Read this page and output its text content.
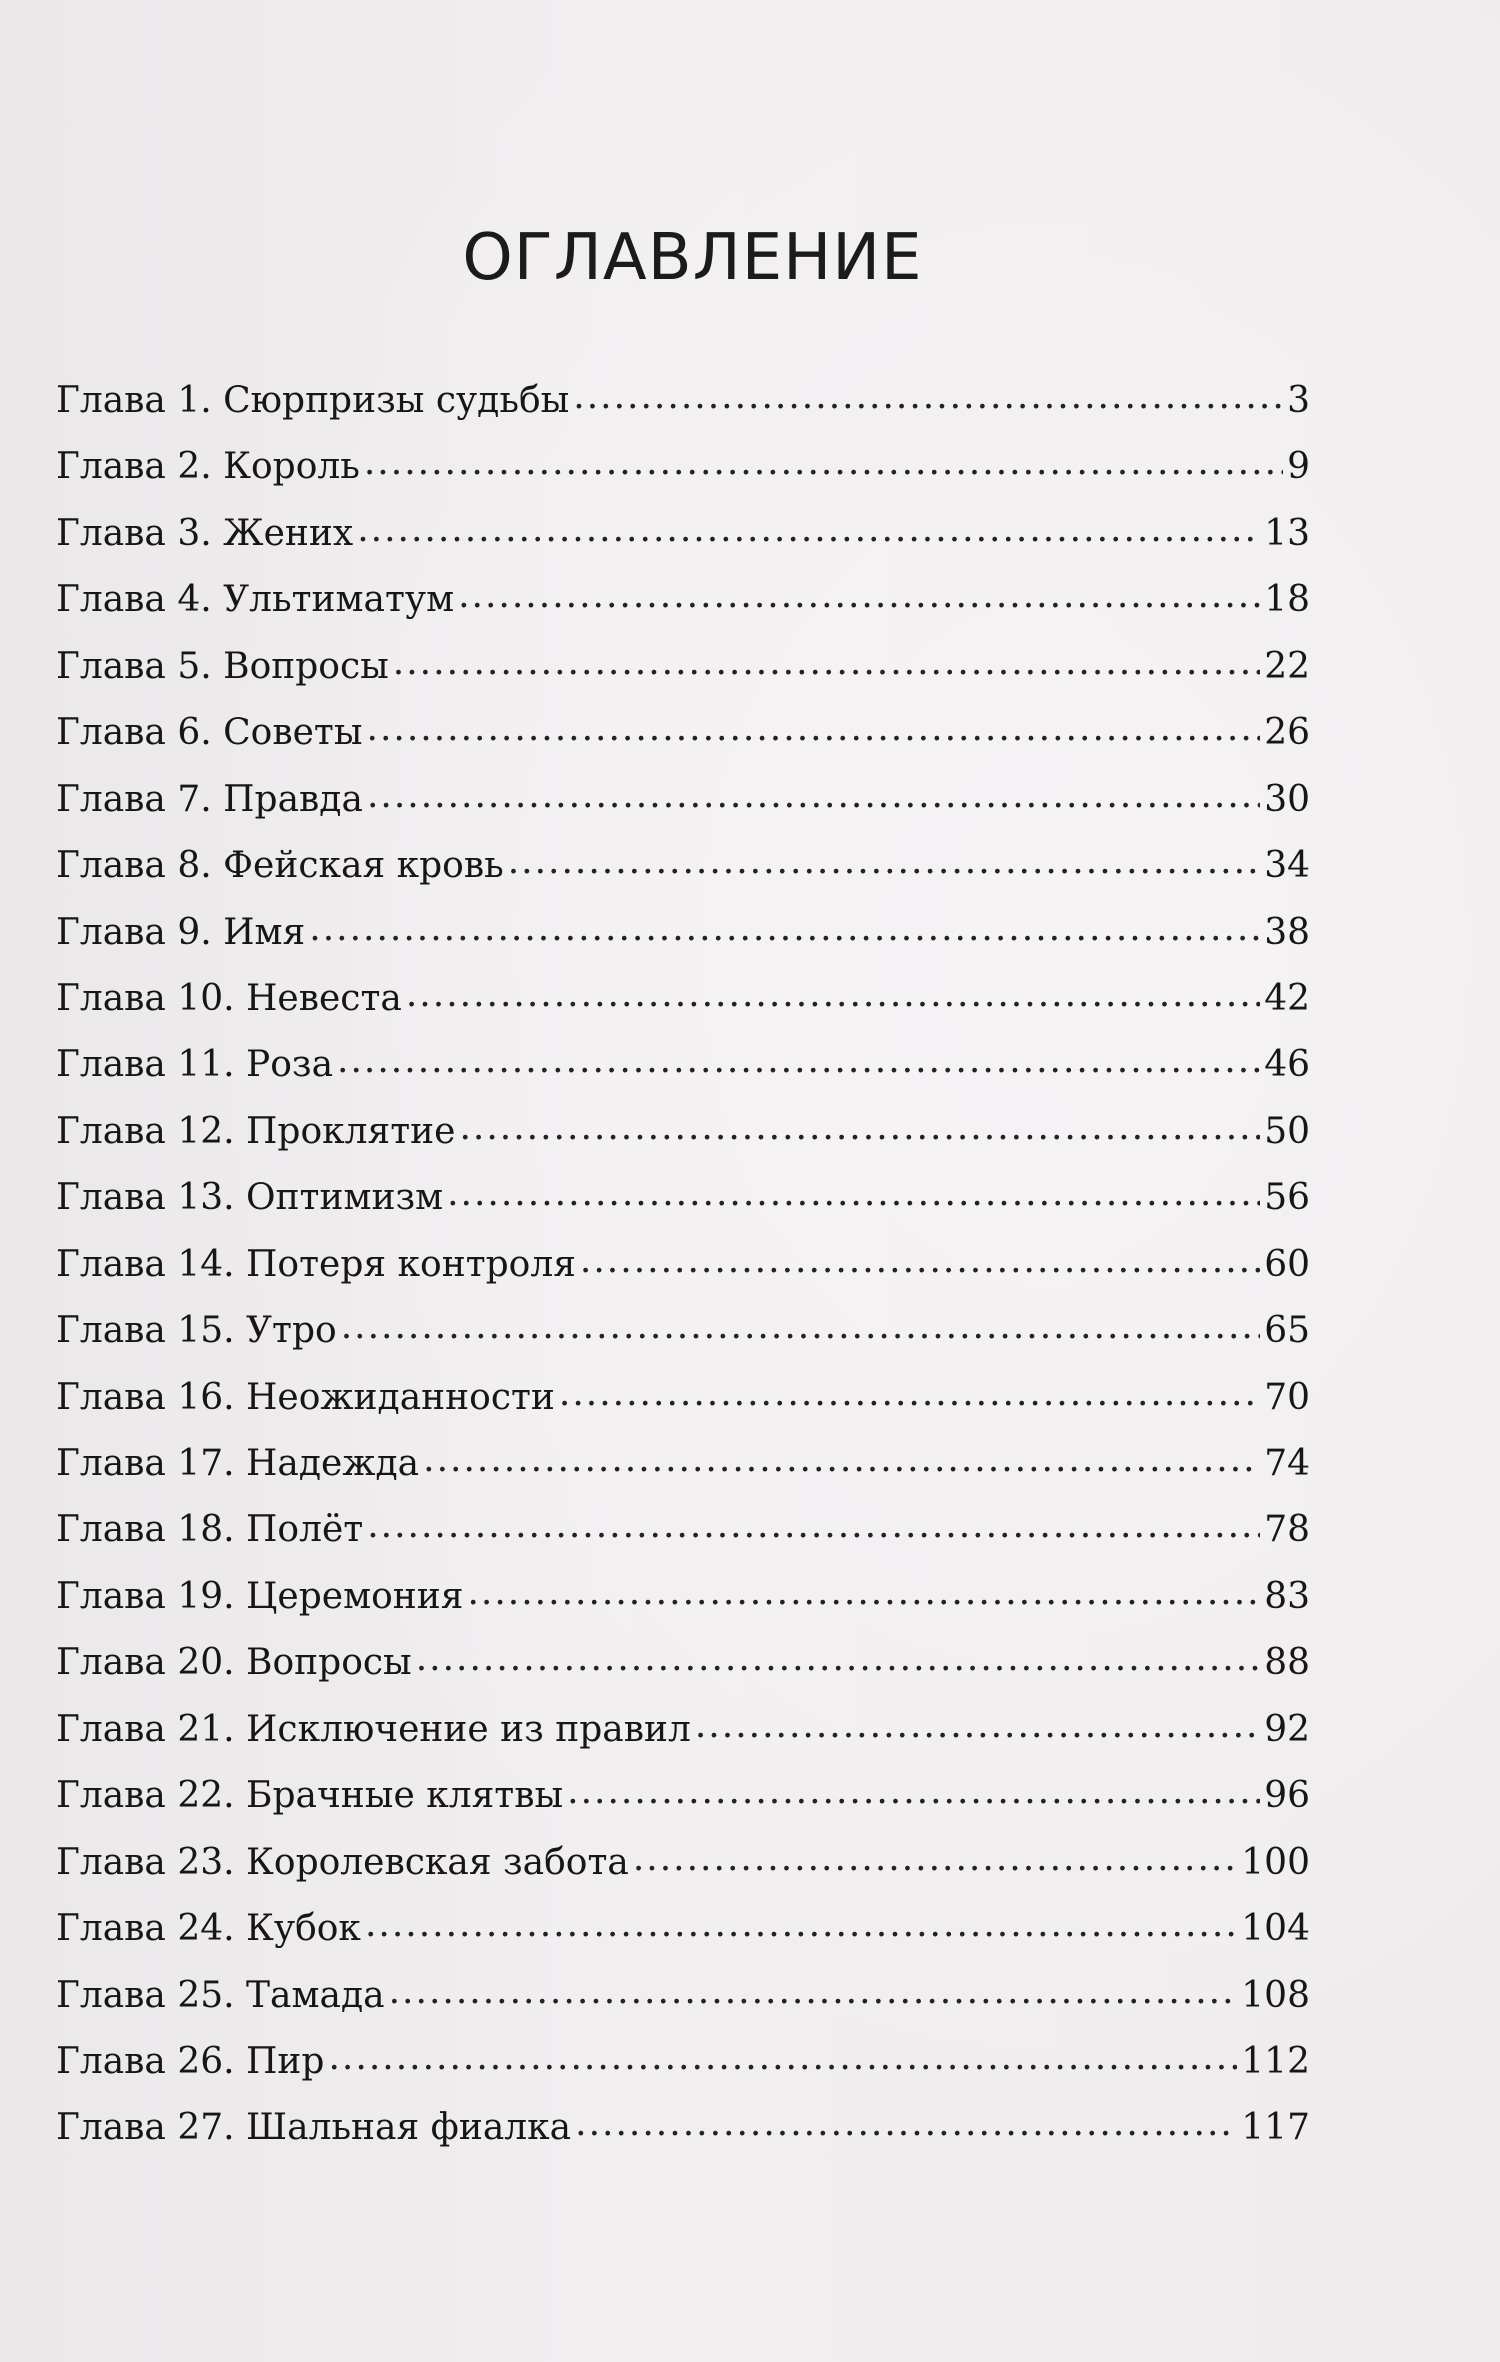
ОГЛАВЛЕНИЕ
Глава 1. Сюрпризы судьбы .....	3
Глава 2. Король .....	9
Глава 3. Жених .....	13
Глава 4. Ультиматум .....	18
Глава 5. Вопросы .....	22
Глава 6. Советы .....	26
Глава 7. Правда .....	30
Глава 8. Фейская кровь .....	34
Глава 9. Имя .....	38
Глава 10. Невеста .....	42
Глава 11. Роза .....	46
Глава 12. Проклятие .....	50
Глава 13. Оптимизм .....	56
Глава 14. Потеря контроля .....	60
Глава 15. Утро .....	65
Глава 16. Неожиданности .....	70
Глава 17. Надежда .....	74
Глава 18. Полёт .....	78
Глава 19. Церемония .....	83
Глава 20. Вопросы .....	88
Глава 21. Исключение из правил .....	92
Глава 22. Брачные клятвы .....	96
Глава 23. Королевская забота .....	100
Глава 24. Кубок .....	104
Глава 25. Тамада .....	108
Глава 26. Пир .....	112
Глава 27. Шальная фиалка .....	117
